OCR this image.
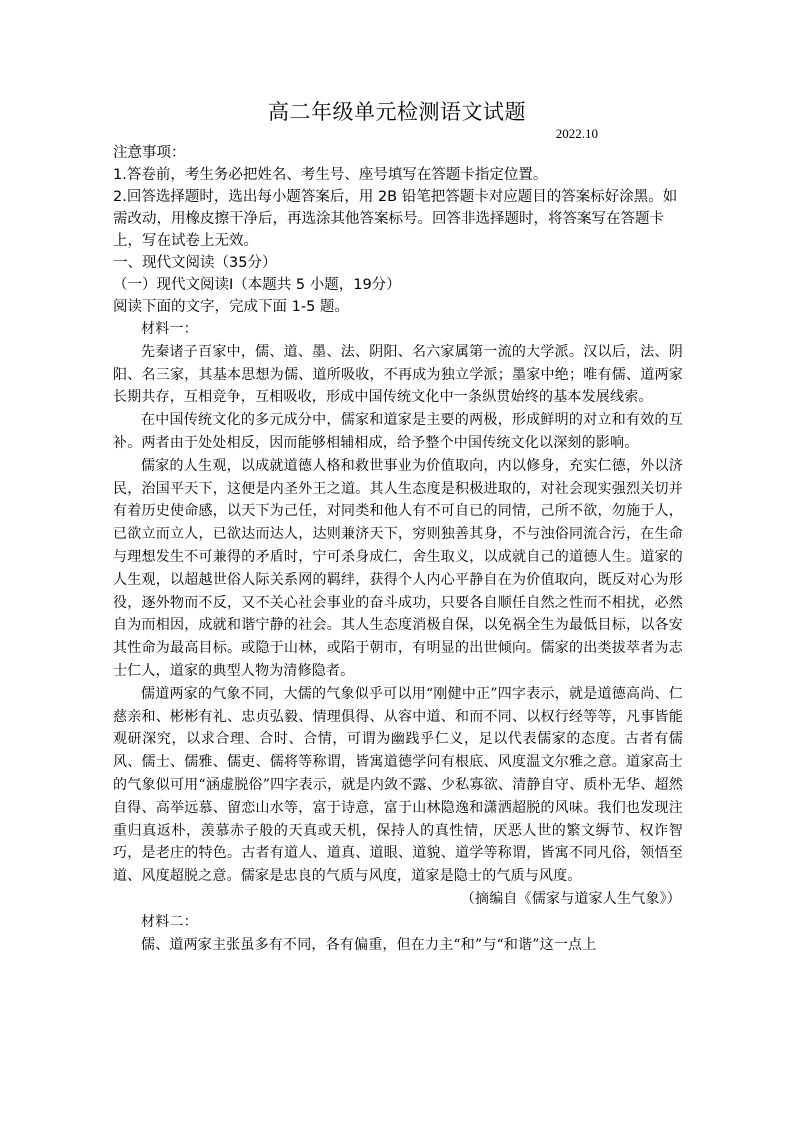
高二年级单元检测语文试题
2022.10

注意事项：

1.答卷前，考生务必把姓名、考生号、座号填写在答题卡指定位置。

2.回答选择题时，选出每小题答案后，用 2B 铅笔把答题卡对应题目的答案标好涂黑。如需改动，用橡皮擦干净后，再选涂其他答案标号。回答非选择题时，将答案写在答题卡上，写在试卷上无效。

一、现代文阅读（35分）

（一）现代文阅读Ⅰ（本题共 5 小题，19分）

阅读下面的文字，完成下面 1-5 题。

材料一：

先秦诸子百家中，儒、道、墨、法、阴阳、名六家属第一流的大学派。汉以后，法、阴阳、名三家，其基本思想为儒、道所吸收，不再成为独立学派；墨家中绝；唯有儒、道两家长期共存，互相竞争，互相吸收，形成中国传统文化中一条纵贯始终的基本发展线索。

在中国传统文化的多元成分中，儒家和道家是主要的两极，形成鲜明的对立和有效的互补。两者由于处处相反，因而能够相辅相成，给予整个中国传统文化以深刻的影响。

儒家的人生观，以成就道德人格和救世事业为价值取向，内以修身，充实仁德，外以济民，治国平天下，这便是内圣外王之道。其人生态度是积极进取的，对社会现实强烈关切并有着历史使命感，以天下为己任，对同类和他人有不可自已的同情，己所不欲，勿施于人，已欲立而立人，已欲达而达人，达则兼济天下，穷则独善其身，不与浊俗同流合污，在生命与理想发生不可兼得的矛盾时，宁可杀身成仁，舍生取义，以成就自己的道德人生。道家的人生观，以超越世俗人际关系网的羁绊，获得个人内心平静自在为价值取向，既反对心为形役，逐外物而不反，又不关心社会事业的奋斗成功，只要各自顺任自然之性而不相扰，必然自为而相因，成就和谐宁静的社会。其人生态度消极自保，以免祸全生为最低目标，以各安其性命为最高目标。或隐于山林，或陷于朝市，有明显的出世倾向。儒家的出类拔萃者为志士仁人，道家的典型人物为清修隐者。

儒道两家的气象不同，大儒的气象似乎可以用“刚健中正”四字表示，就是道德高尚、仁慈亲和、彬彬有礼、忠贞弘毅、情理俱得、从容中道、和而不同、以权行经等等，凡事皆能观研深究，以求合理、合时、合情，可谓为幽践乎仁义，足以代表儒家的态度。古者有儒风、儒士、儒雅、儒吏、儒将等称谓，皆寓道德学问有根底、风度温文尔雅之意。道家高士的气象似可用“涵虚脱俗”四字表示，就是内敛不露、少私寡欲、清静自守、质朴无华、超然自得、高举远慕、留恋山水等，富于诗意，富于山林隐逸和潇洒超脱的风味。我们也发现注重归真返朴，羡慕赤子般的天真或天机，保持人的真性情，厌恶人世的繁文缛节、权诈智巧，是老庄的特色。古者有道人、道真、道眼、道貌、道学等称谓，皆寓不同凡俗，领悟至道、风度超脱之意。儒家是忠良的气质与风度，道家是隐士的气质与风度。

（摘编自《儒家与道家人生气象》）

材料二：

儒、道两家主张虽多有不同，各有偏重，但在力主“和”与“和谐”这一点上
